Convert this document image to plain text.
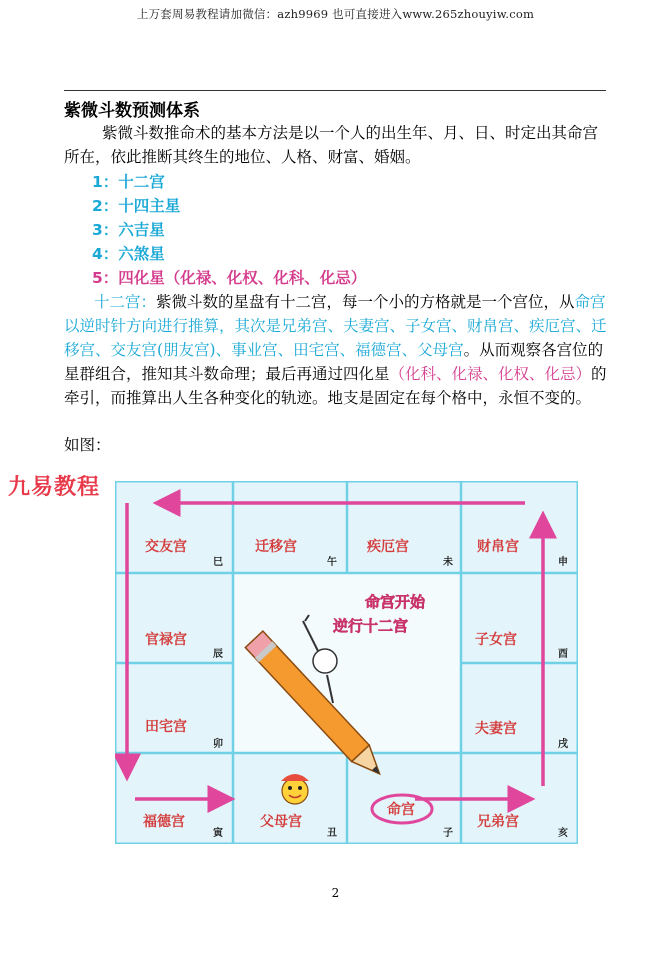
上万套周易教程请加微信：azh9969 也可直接进入www.265zhouyiw.com
紫微斗数预测体系
紫微斗数推命术的基本方法是以一个人的出生年、月、日、时定出其命宫所在，依此推断其终生的地位、人格、财富、婚姻。
1：十二宫
2：十四主星
3：六吉星
4：六煞星
5：四化星（化禄、化权、化科、化忌）
十二宫：紫微斗数的星盘有十二宫，每一个小的方格就是一个宫位，从命宫以逆时针方向进行推算，其次是兄弟宫、夫妻宫、子女宫、财帛宫、疾厄宫、迁移宫、交友宫(朋友宫)、事业宫、田宅宫、福德宫、父母宫。从而观察各宫位的星群组合，推知其斗数命理；最后再通过四化星（化科、化禄、化权、化忌）的牵引，而推算出人生各种变化的轨迹。地支是固定在每个格中，永恒不变的。
如图：
九易教程
命宫开始
逆行十二宫
交友宫
巳
迁移宫
午
疾厄宫
未
财帛宫
申
子女宫
酉
夫妻宫
戌
兄弟宫
亥
命宫
子
父母宫
丑
福德宫
寅
田宅宫
卯
官禄宫
辰
2
